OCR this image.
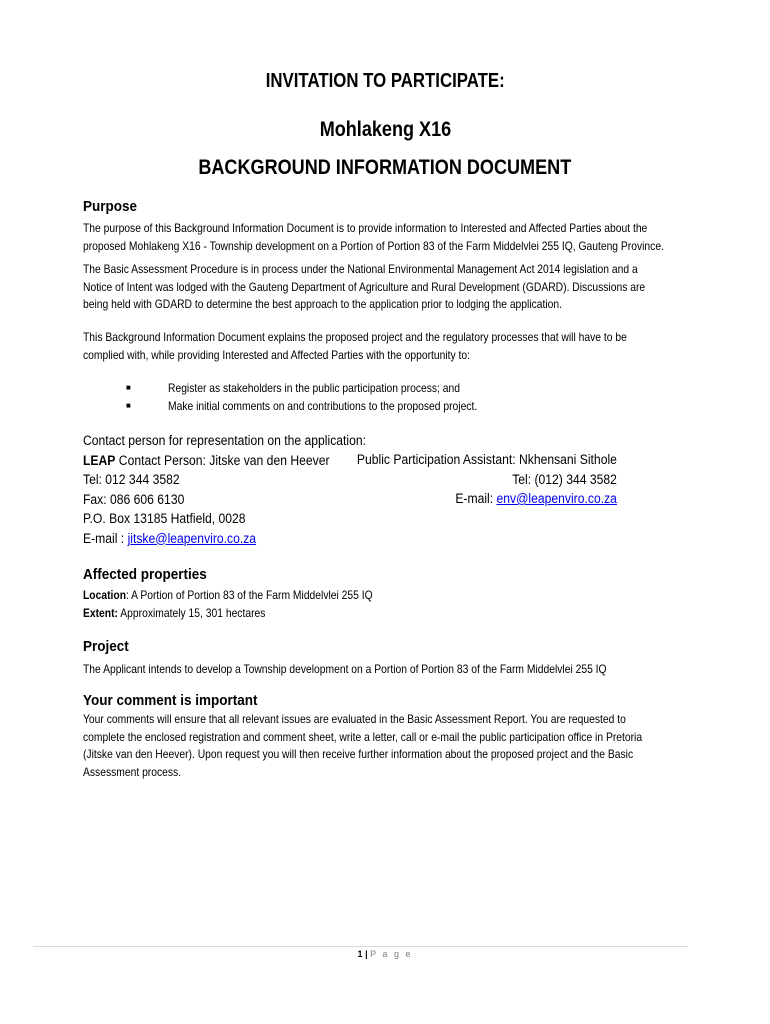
INVITATION TO PARTICIPATE:
Mohlakeng X16
BACKGROUND INFORMATION DOCUMENT
Purpose
The purpose of this Background Information Document is to provide information to Interested and Affected Parties about the
proposed Mohlakeng X16 - Township development on a Portion of Portion 83 of the Farm Middelvlei 255 IQ, Gauteng Province.
The Basic Assessment Procedure is in process under the National Environmental Management Act 2014 legislation and a
Notice of Intent was lodged with the Gauteng Department of Agriculture and Rural Development (GDARD). Discussions are
being held with GDARD to determine the best approach to the application prior to lodging the application.
This Background Information Document explains the proposed project and the regulatory processes that will have to be
complied with, while providing Interested and Affected Parties with the opportunity to:
■	Register as stakeholders in the public participation process; and
■	Make initial comments on and contributions to the proposed project.
Contact person for representation on the application:
LEAP Contact Person: Jitske van den Heever
Tel: 012 344 3582
Fax: 086 606 6130
P.O. Box 13185 Hatfield, 0028
E-mail : jitske@leapenviro.co.za
Public Participation Assistant: Nkhensani Sithole
Tel: (012) 344 3582
E-mail: env@leapenviro.co.za
Affected properties
Location: A Portion of Portion 83 of the Farm Middelvlei 255 IQ
Extent: Approximately 15, 301 hectares
Project
The Applicant intends to develop a Township development on a Portion of Portion 83 of the Farm Middelvlei 255 IQ
Your comment is important
Your comments will ensure that all relevant issues are evaluated in the Basic Assessment Report. You are requested to
complete the enclosed registration and comment sheet, write a letter, call or e-mail the public participation office in Pretoria
(Jitske van den Heever). Upon request you will then receive further information about the proposed project and the Basic
Assessment process.
1 | P a g e
